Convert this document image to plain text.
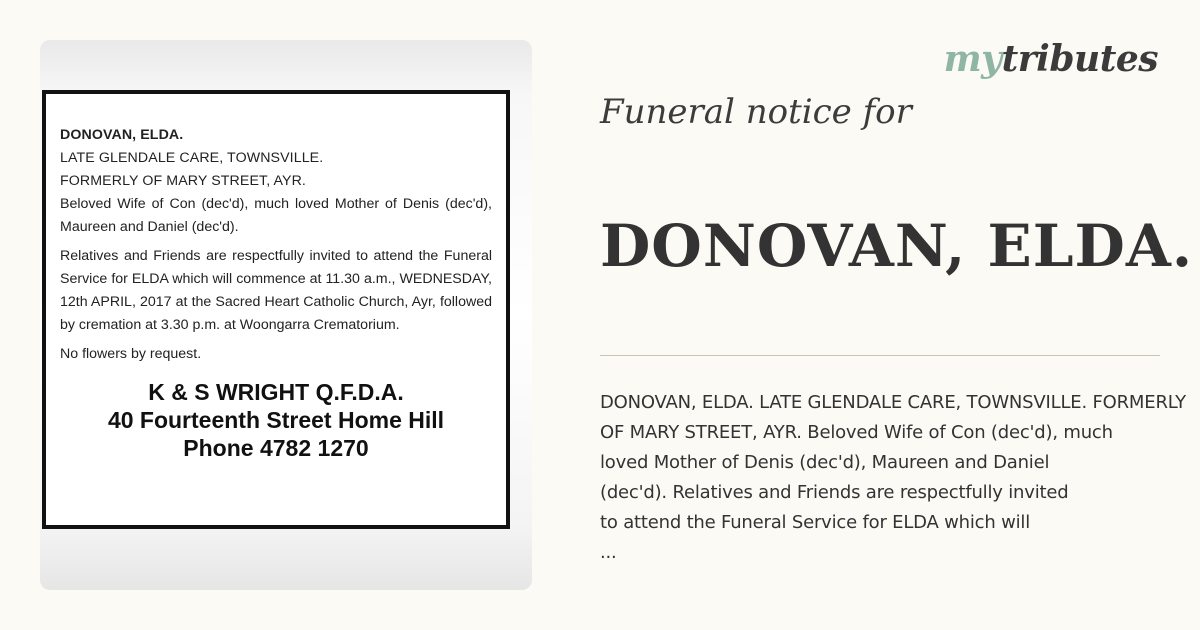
DONOVAN, ELDA.
LATE GLENDALE CARE, TOWNSVILLE.
FORMERLY OF MARY STREET, AYR.

Beloved Wife of Con (dec'd), much loved Mother of Denis (dec'd), Maureen and Daniel (dec'd).

Relatives and Friends are respectfully invited to attend the Funeral Service for ELDA which will commence at 11.30 a.m., WEDNESDAY, 12th APRIL, 2017 at the Sacred Heart Catholic Church, Ayr, followed by cremation at 3.30 p.m. at Woongarra Crematorium.

No flowers by request.

K & S WRIGHT Q.F.D.A.
40 Fourteenth Street Home Hill
Phone 4782 1270
mytributes
Funeral notice for
DONOVAN, ELDA.
DONOVAN, ELDA. LATE GLENDALE CARE, TOWNSVILLE. FORMERLY
OF MARY STREET, AYR. Beloved Wife of Con (dec'd), much
loved Mother of Denis (dec'd), Maureen and Daniel
(dec'd). Relatives and Friends are respectfully invited
to attend the Funeral Service for ELDA which will
...
